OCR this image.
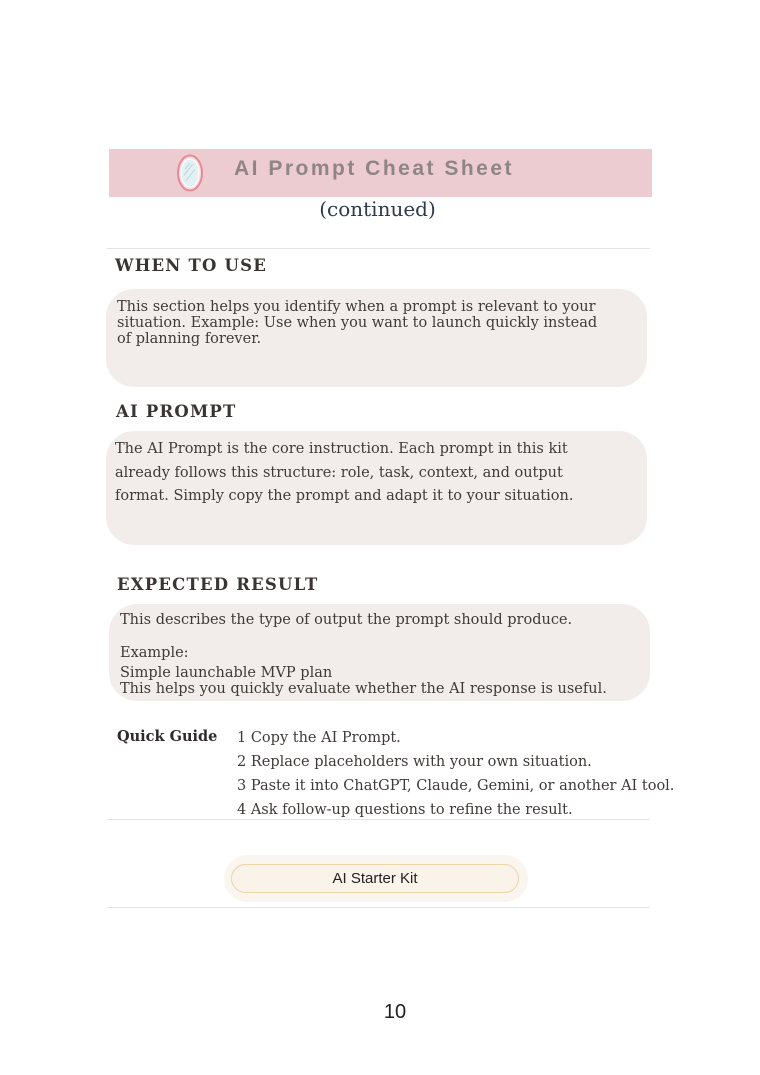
AI Prompt Cheat Sheet
(continued)
WHEN TO USE
This section helps you identify when a prompt is relevant to your
situation. Example: Use when you want to launch quickly instead
of planning forever.
AI PROMPT
The AI Prompt is the core instruction. Each prompt in this kit
already follows this structure: role, task, context, and output
format. Simply copy the prompt and adapt it to your situation.
EXPECTED RESULT
This describes the type of output the prompt should produce.
Example:
Simple launchable MVP plan
This helps you quickly evaluate whether the AI response is useful.
Quick Guide 1 Copy the AI Prompt.
2 Replace placeholders with your own situation.
3 Paste it into ChatGPT, Claude, Gemini, or another AI tool.
4 Ask follow-up questions to refine the result.
AI Starter Kit
10
